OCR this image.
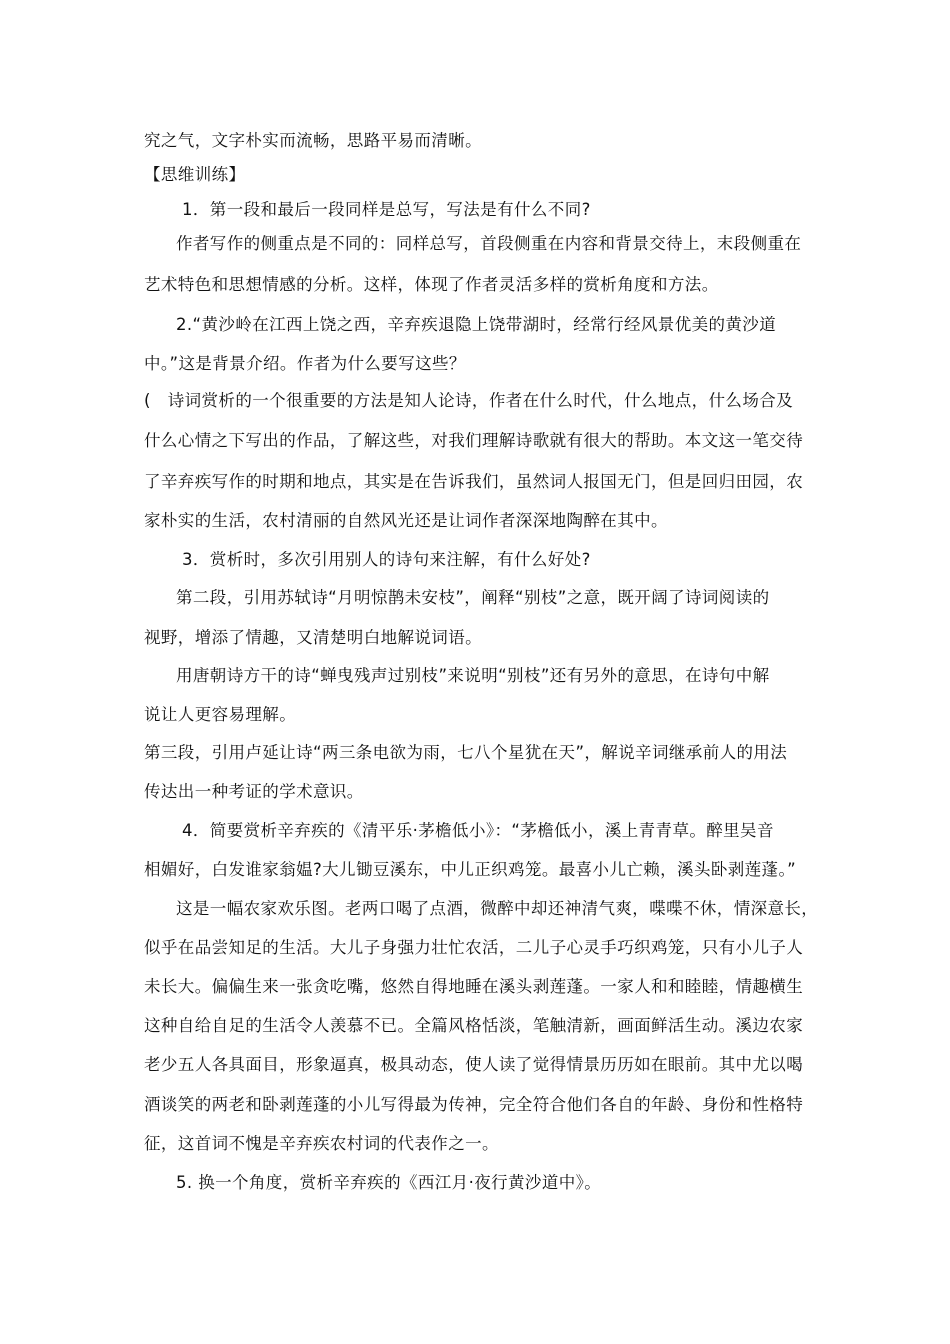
究之气，文字朴实而流畅，思路平易而清晰。
【思维训练】
1．第一段和最后一段同样是总写，写法是有什么不同?
作者写作的侧重点是不同的：同样总写，首段侧重在内容和背景交待上，末段侧重在
艺术特色和思想情感的分析。这样，体现了作者灵活多样的赏析角度和方法。
2.“黄沙岭在江西上饶之西，辛弃疾退隐上饶带湖时，经常行经风景优美的黄沙道
中。”这是背景介绍。作者为什么要写这些？
(　诗词赏析的一个很重要的方法是知人论诗，作者在什么时代，什么地点，什么场合及
什么心情之下写出的作品，了解这些，对我们理解诗歌就有很大的帮助。本文这一笔交待
了辛弃疾写作的时期和地点，其实是在告诉我们，虽然词人报国无门，但是回归田园，农
家朴实的生活，农村清丽的自然风光还是让词作者深深地陶醉在其中。
3．赏析时，多次引用别人的诗句来注解，有什么好处?
第二段，引用苏轼诗“月明惊鹊未安枝”，阐释“别枝”之意，既开阔了诗词阅读的
视野，增添了情趣，又清楚明白地解说词语。
用唐朝诗方干的诗“蝉曳残声过别枝”来说明“别枝”还有另外的意思，在诗句中解
说让人更容易理解。
第三段，引用卢延让诗“两三条电欲为雨，七八个星犹在天”，解说辛词继承前人的用法
传达出一种考证的学术意识。
4．简要赏析辛弃疾的《清平乐·茅檐低小》：“茅檐低小，溪上青青草。醉里吴音
相媚好，白发谁家翁媪?大儿锄豆溪东，中儿正织鸡笼。最喜小儿亡赖，溪头卧剥莲蓬。”
这是一幅农家欢乐图。老两口喝了点酒，微醉中却还神清气爽，喋喋不休，情深意长，
似乎在品尝知足的生活。大儿子身强力壮忙农活，二儿子心灵手巧织鸡笼，只有小儿子人
未长大。偏偏生来一张贪吃嘴，悠然自得地睡在溪头剥莲蓬。一家人和和睦睦，情趣横生
这种自给自足的生活令人羡慕不已。全篇风格恬淡，笔触清新，画面鲜活生动。溪边农家
老少五人各具面目，形象逼真，极具动态，使人读了觉得情景历历如在眼前。其中尤以喝
酒谈笑的两老和卧剥莲蓬的小儿写得最为传神，完全符合他们各自的年龄、身份和性格特
征，这首词不愧是辛弃疾农村词的代表作之一。
5. 换一个角度，赏析辛弃疾的《西江月·夜行黄沙道中》。
